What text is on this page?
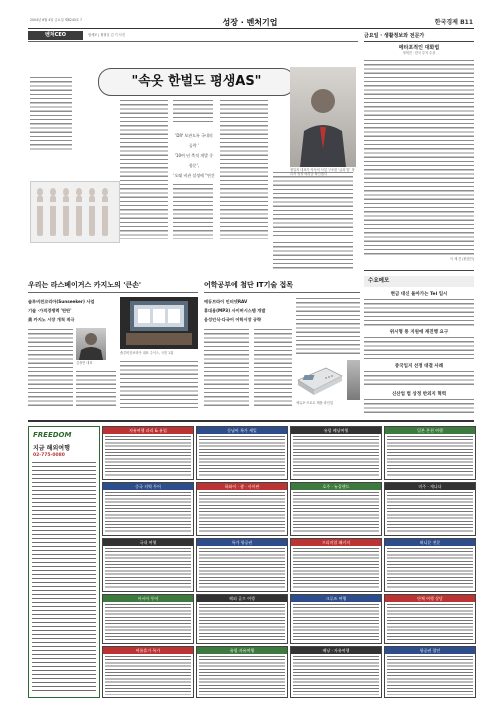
2004년 6월 4일 금요일 제8245호 7	성장 · 벤처기업	한국경제 B11
벤처CEO	염세조 | 원형일 김 기 사진
"속옷 한벌도 평생AS"
'DIY 보관도록 국내의 공략 '
'10여 년 축적 개발 중합문',
'오래 비관 설정에 "연간
정일지 대표가 자사의 사업 구조를 ‘글과 말’ 정리서 성장 배경을 확인했다
금요일 · 생활정보와 전문가
메타포적인 대화법
정혁진 · 한국 투자 수상
이 재 건 (편집인)
수요메모
현금 대신 돌아가는 Tel 입시
위시형 통 지원에 재진행 요구
중국입지 선정 대결 사례
신산업 법 상정 반외지 혁력
우리는 라스베이거스 카지노의 '큰손'
솔루비전코리아(Sunseeker) 사업
기술 ·가격경쟁력 '탄탄'
美 카지노 시장 개척 적극
솔루비전코리아 대표 주이스, 국민 1위
김정연 대표
어학공부에 첨단 IT기술 접목
에듀브라이 인터넷RAV
휴대용(MP3) 사이버시스템 개발
음성인식·다국어 어학시장 공략
에듀포·프로토 제품 라인업
FREEDOM
지금 해외여행
02-775-0080
자유여행 파리 & 유럽	동남아 특가 세일	유럽 배낭여행	일본 온천 여행
중국 지역 투어	하와이 · 괌 · 사이판	호주 · 뉴질랜드	미주 · 캐나다
국내 여행	특가 항공권	프리미엄 패키지	허니문 전문
아시아 투어	해외 골프 여행	크루즈 여행	단체 여행 상담
여름휴가 특가	유럽 자유여행	배낭 · 자유여행	항공권 할인
